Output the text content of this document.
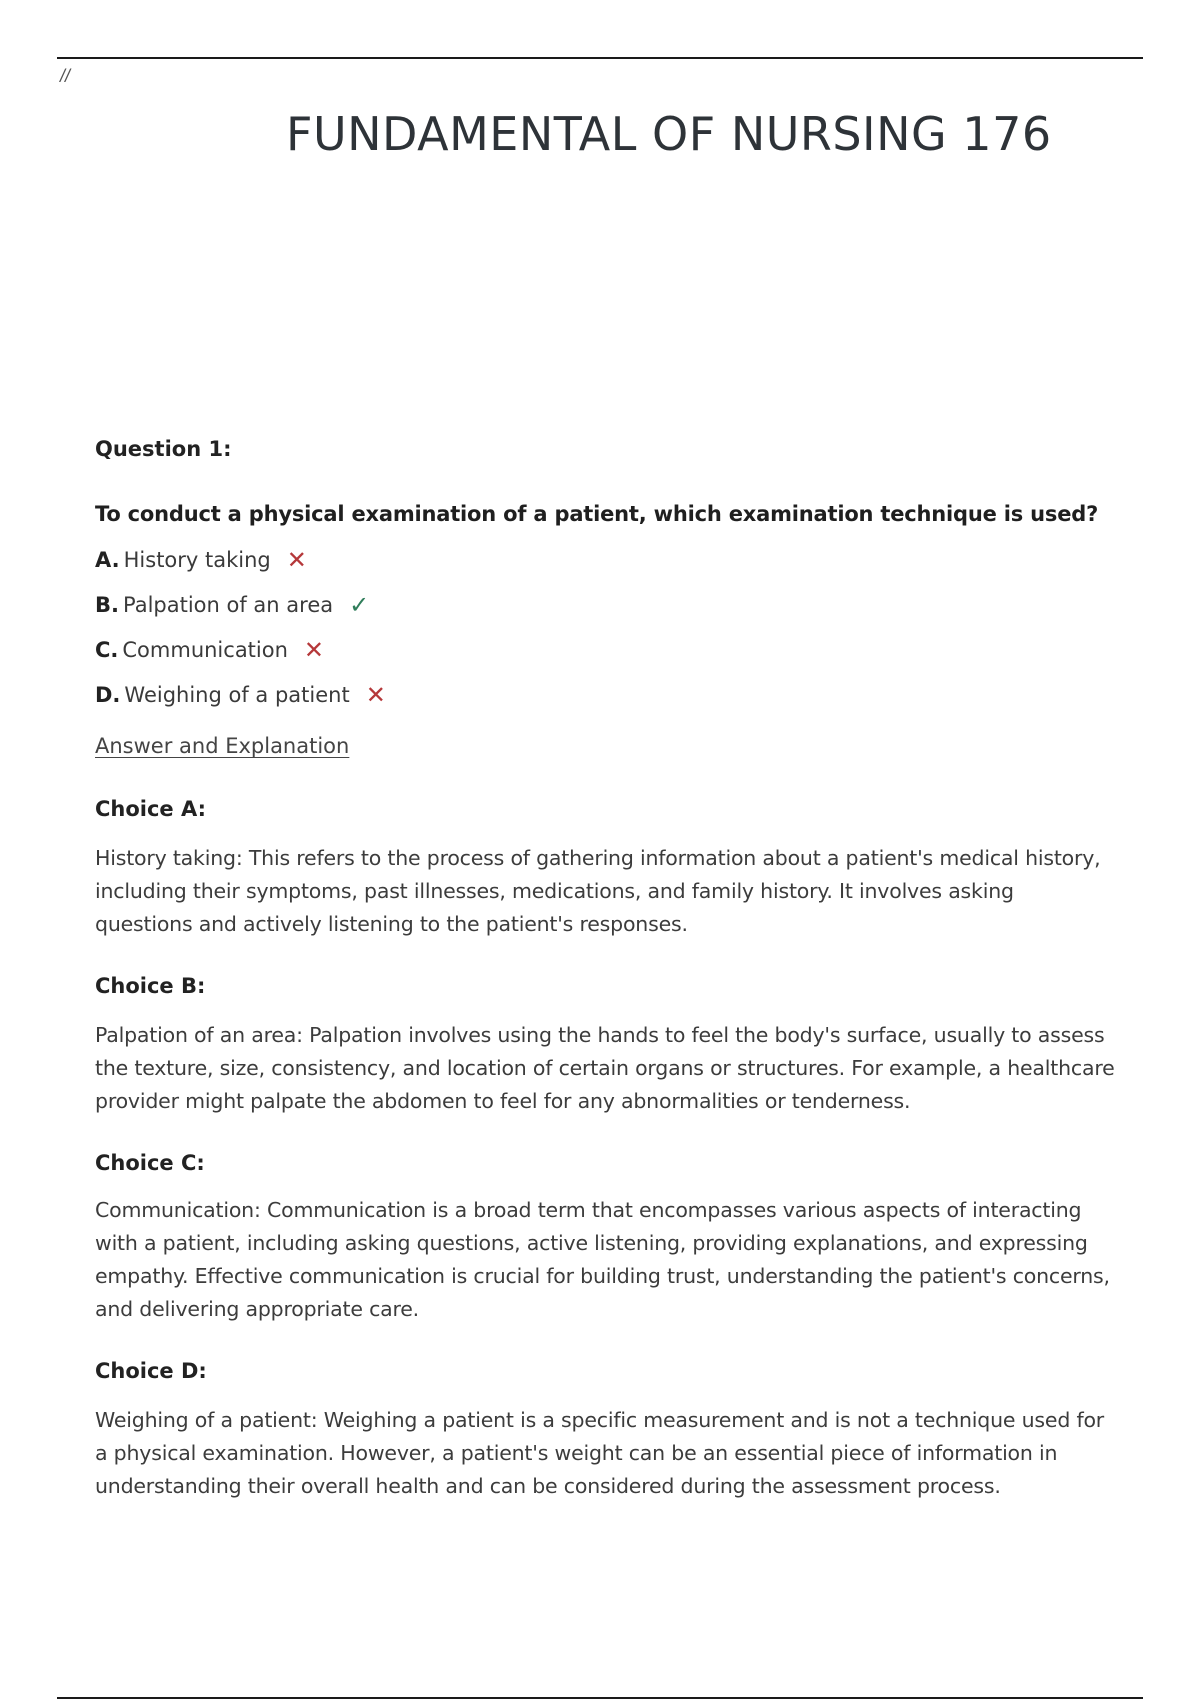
//
FUNDAMENTAL OF NURSING 176
Question 1:
To conduct a physical examination of a patient, which examination technique is used?
A. History taking ✕
B. Palpation of an area ✓
C. Communication ✕
D. Weighing of a patient ✕
Answer and Explanation
Choice A:

History taking: This refers to the process of gathering information about a patient's medical history, including their symptoms, past illnesses, medications, and family history. It involves asking questions and actively listening to the patient's responses.

Choice B:

Palpation of an area: Palpation involves using the hands to feel the body's surface, usually to assess the texture, size, consistency, and location of certain organs or structures. For example, a healthcare provider might palpate the abdomen to feel for any abnormalities or tenderness.

Choice C:

Communication: Communication is a broad term that encompasses various aspects of interacting with a patient, including asking questions, active listening, providing explanations, and expressing empathy. Effective communication is crucial for building trust, understanding the patient's concerns, and delivering appropriate care.

Choice D:

Weighing of a patient: Weighing a patient is a specific measurement and is not a technique used for a physical examination. However, a patient's weight can be an essential piece of information in understanding their overall health and can be considered during the assessment process.
